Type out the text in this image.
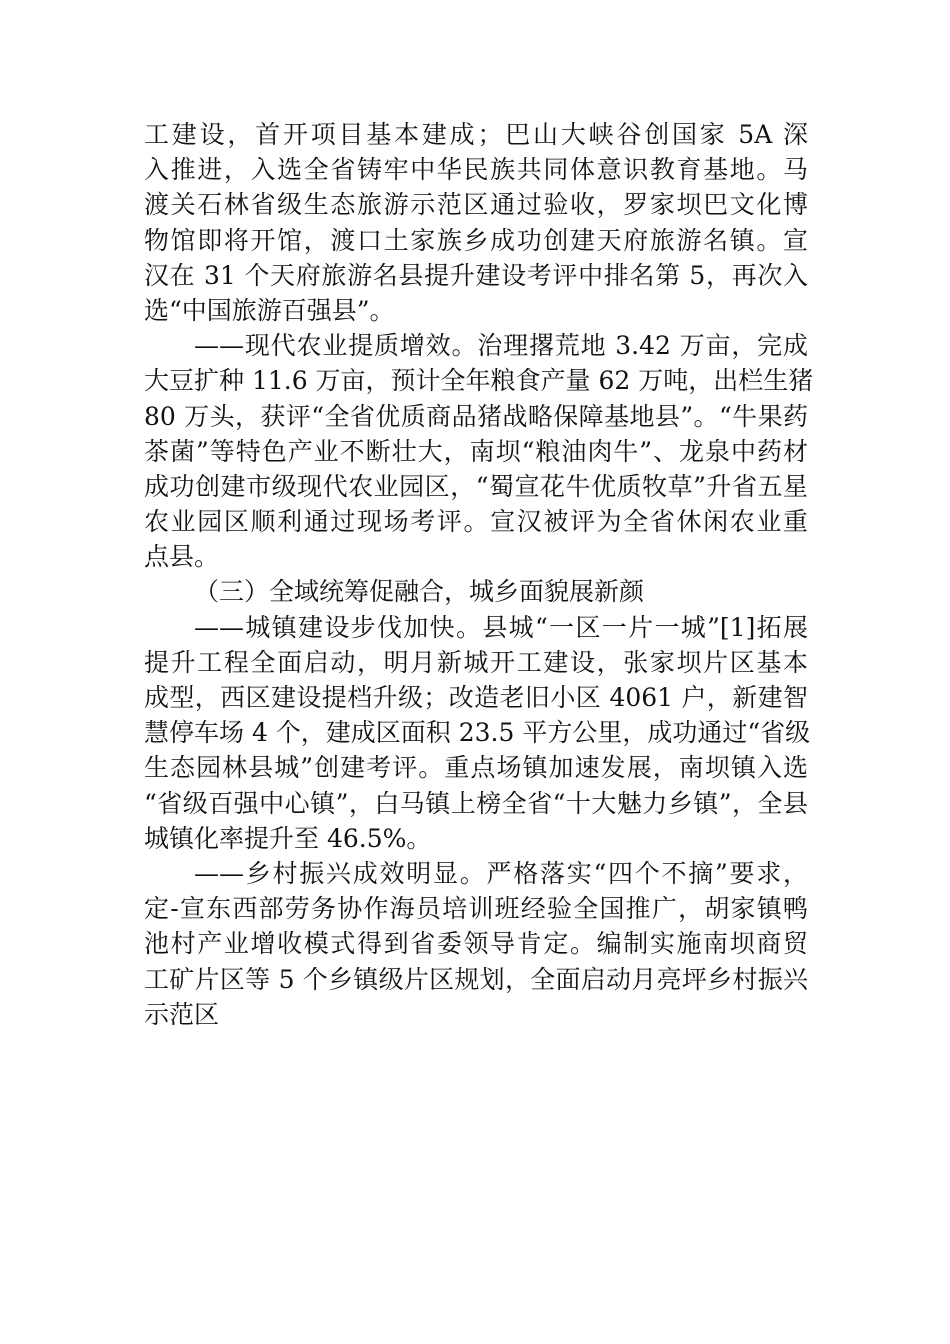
工建设，首开项目基本建成；巴山大峡谷创国家 5A 深
入推进，入选全省铸牢中华民族共同体意识教育基地。马
渡关石林省级生态旅游示范区通过验收，罗家坝巴文化博
物馆即将开馆，渡口土家族乡成功创建天府旅游名镇。宣
汉在 31 个天府旅游名县提升建设考评中排名第 5，再次入
选“中国旅游百强县”。
——现代农业提质增效。治理撂荒地 3.42 万亩，完成
大豆扩种 11.6 万亩，预计全年粮食产量 62 万吨，出栏生猪
80 万头，获评“全省优质商品猪战略保障基地县”。“牛果药
茶菌”等特色产业不断壮大，南坝“粮油肉牛”、龙泉中药材
成功创建市级现代农业园区，“蜀宣花牛优质牧草”升省五星
农业园区顺利通过现场考评。宣汉被评为全省休闲农业重
点县。
（三）全域统筹促融合，城乡面貌展新颜
——城镇建设步伐加快。县城“一区一片一城”[1]拓展
提升工程全面启动，明月新城开工建设，张家坝片区基本
成型，西区建设提档升级；改造老旧小区 4061 户，新建智
慧停车场 4 个，建成区面积 23.5 平方公里，成功通过“省级
生态园林县城”创建考评。重点场镇加速发展，南坝镇入选
“省级百强中心镇”，白马镇上榜全省“十大魅力乡镇”，全县
城镇化率提升至 46.5%。
——乡村振兴成效明显。严格落实“四个不摘”要求，
定-宣东西部劳务协作海员培训班经验全国推广，胡家镇鸭
池村产业增收模式得到省委领导肯定。编制实施南坝商贸
工矿片区等 5 个乡镇级片区规划，全面启动月亮坪乡村振兴
示范区
